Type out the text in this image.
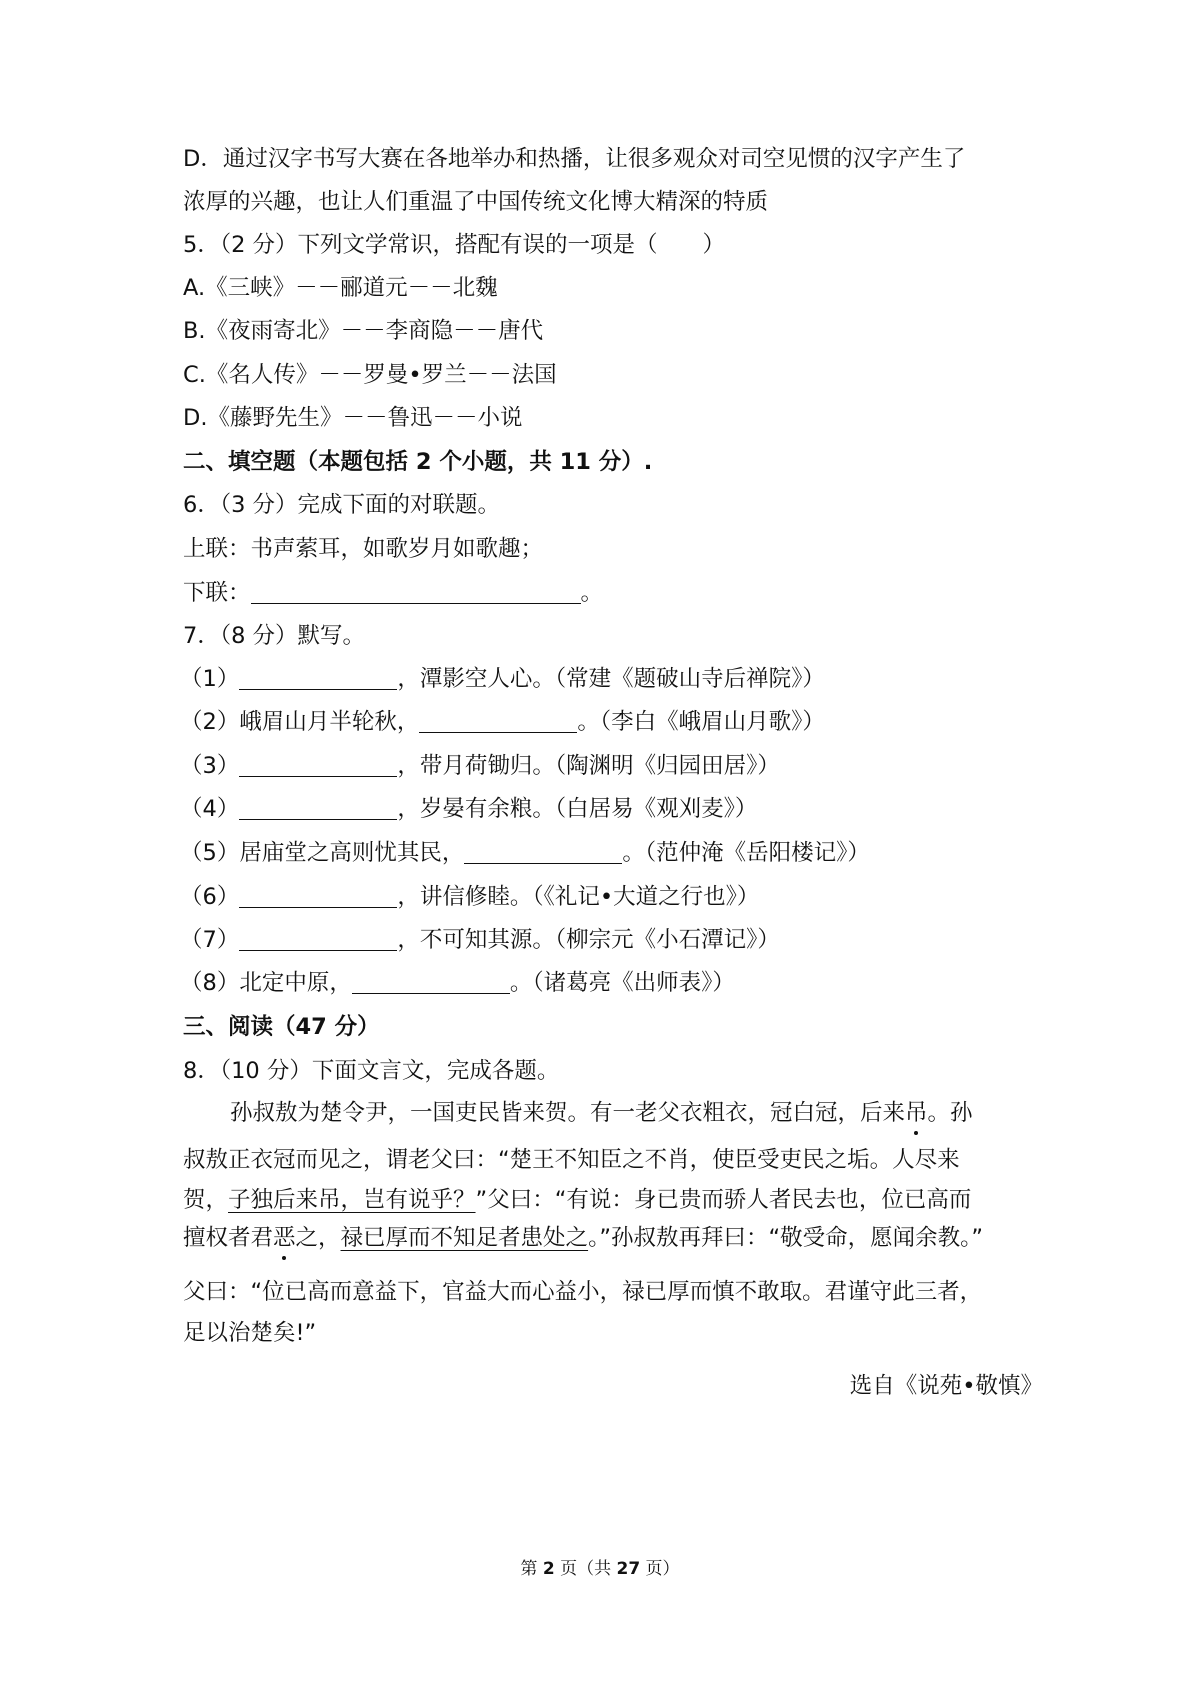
D．通过汉字书写大赛在各地举办和热播，让很多观众对司空见惯的汉字产生了
浓厚的兴趣，也让人们重温了中国传统文化博大精深的特质
5．（2 分）下列文学常识，搭配有误的一项是（　　）
A.《三峡》－－郦道元－－北魏
B.《夜雨寄北》－－李商隐－－唐代
C.《名人传》－－罗曼•罗兰－－法国
D.《藤野先生》－－鲁迅－－小说
二、填空题（本题包括 2 个小题，共 11 分）.
6．（3 分）完成下面的对联题。
上联：书声萦耳，如歌岁月如歌趣；
下联：	。
7．（8 分）默写。
（1）	，潭影空人心。（常建《题破山寺后禅院》）
（2）峨眉山月半轮秋，	。（李白《峨眉山月歌》）
（3）	，带月荷锄归。（陶渊明《归园田居》）
（4）	，岁晏有余粮。（白居易《观刈麦》）
（5）居庙堂之高则忧其民，	。（范仲淹《岳阳楼记》）
（6）	，讲信修睦。（《礼记•大道之行也》）
（7）	，不可知其源。（柳宗元《小石潭记》）
（8）北定中原，	。（诸葛亮《出师表》）
三、阅读（47 分）
8．（10 分）下面文言文，完成各题。
孙叔敖为楚令尹，一国吏民皆来贺。有一老父衣粗衣，冠白冠，后来吊。孙
叔敖正衣冠而见之，谓老父曰：“楚王不知臣之不肖，使臣受吏民之垢。人尽来
贺，子独后来吊，岂有说乎？”父曰：“有说：身已贵而骄人者民去也，位已高而
擅权者君恶之，禄已厚而不知足者患处之。”孙叔敖再拜曰：“敬受命，愿闻余教。”
父曰：“位已高而意益下，官益大而心益小，禄已厚而慎不敢取。君谨守此三者，
足以治楚矣!”
选自《说苑•敬慎》
第 2 页（共 27 页）
